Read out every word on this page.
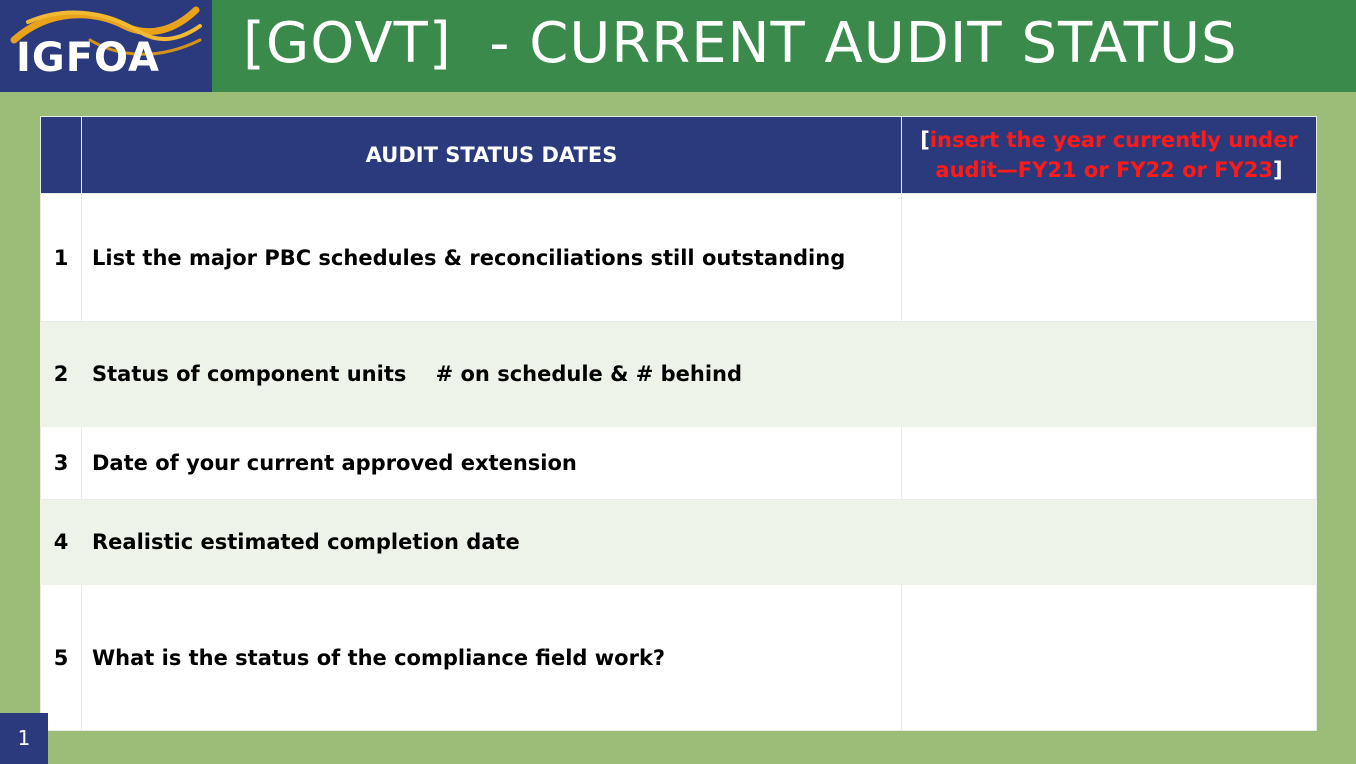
IGFOA [GOVT]  - CURRENT AUDIT STATUS
	AUDIT STATUS DATES	[insert the year currently under audit—FY21 or FY22 or FY23]
1	List the major PBC schedules & reconciliations still outstanding	
2	Status of component units    # on schedule & # behind	
3	Date of your current approved extension	
4	Realistic estimated completion date	
5	What is the status of the compliance field work?	
1
